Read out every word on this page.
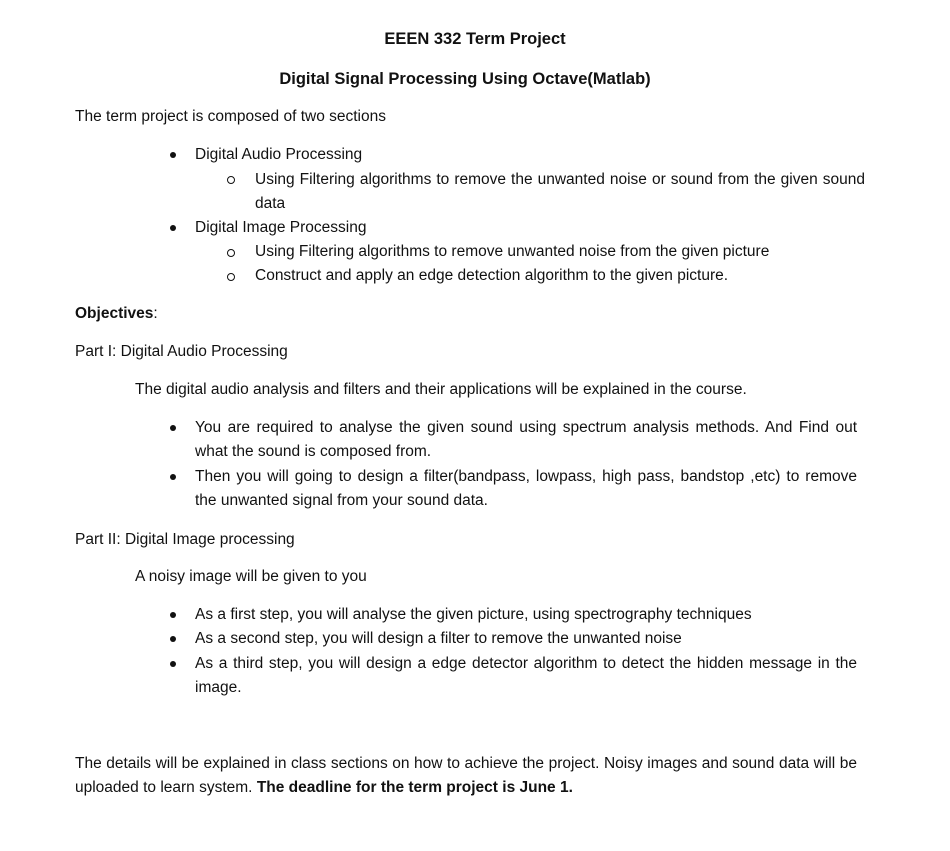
EEEN 332 Term Project
Digital Signal Processing Using Octave(Matlab)
The term project is composed of two sections
Digital Audio Processing
Using Filtering algorithms to remove the unwanted noise or sound from the given sound data
Digital Image Processing
Using Filtering algorithms to remove unwanted noise from the given picture
Construct and apply an edge detection algorithm to the given picture.
Objectives:
Part I: Digital Audio Processing
The digital audio analysis and filters and their applications will be explained in the course.
You are required to analyse the given sound using spectrum analysis methods. And Find out what the sound is composed from.
Then you will going to design a filter(bandpass, lowpass, high pass, bandstop ,etc) to remove the unwanted signal from your sound data.
Part II: Digital Image processing
A noisy image will be given to you
As a first step, you will analyse the given picture, using spectrography techniques
As a second step, you will design a filter to remove the unwanted noise
As a third step, you will design a edge detector algorithm to detect the hidden message in the image.
The details will be explained in class sections on how to achieve the project. Noisy images and sound data will be uploaded to learn system. The deadline for the term project is June 1.
